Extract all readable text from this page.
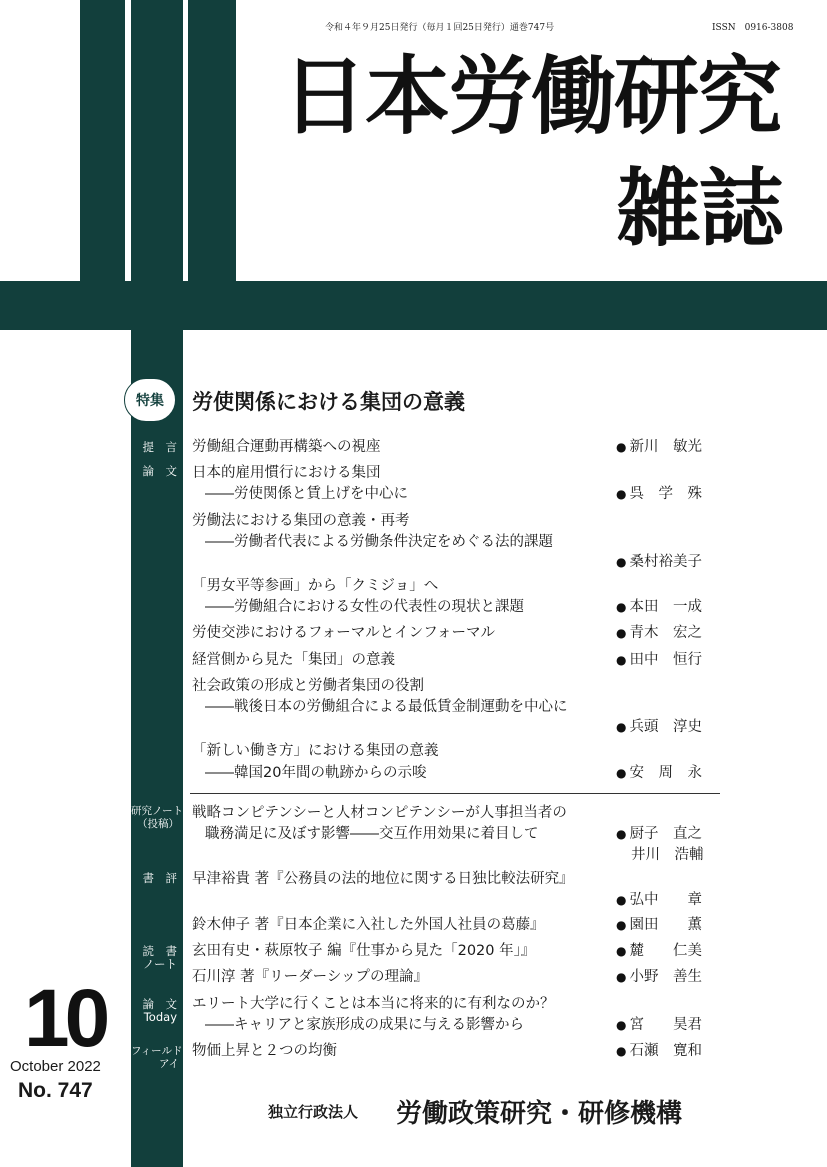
令和４年９月25日発行（毎月１回25日発行）通巻747号	ISSN　0916-3808
日本労働研究
雑誌
特集 労使関係における集団の意義
提　言
論　文
研究ノート
（投稿）
書　評
読　書
ノート
論　文
Today
フィールド・
アイ
労働組合運動再構築への視座
日本的雇用慣行における集団
――労使関係と賃上げを中心に
労働法における集団の意義・再考
――労働者代表による労働条件決定をめぐる法的課題
「男女平等参画」から「クミジョ」へ
――労働組合における女性の代表性の現状と課題
労使交渉におけるフォーマルとインフォーマル
経営側から見た「集団」の意義
社会政策の形成と労働者集団の役割
――戦後日本の労働組合による最低賃金制運動を中心に
「新しい働き方」における集団の意義
――韓国20年間の軌跡からの示唆
戦略コンピテンシーと人材コンピテンシーが人事担当者の
職務満足に及ぼす影響――交互作用効果に着目して
早津裕貴 著『公務員の法的地位に関する日独比較法研究』
鈴木伸子 著『日本企業に入社した外国人社員の葛藤』
玄田有史・萩原牧子 編『仕事から見た「2020 年」』
石川淳 著『リーダーシップの理論』
エリート大学に行くことは本当に将来的に有利なのか？
――キャリアと家族形成の成果に与える影響から
物価上昇と２つの均衡
● 新川　敏光
● 呉　学　殊
● 桑村裕美子
● 本田　一成
● 青木　宏之
● 田中　恒行
● 兵頭　淳史
● 安　周　永
● 厨子　直之
井川　浩輔
● 弘中　　章
● 園田　　薫
● 麓　　仁美
● 小野　善生
● 宮　　昊君
● 石瀬　寛和
10
October 2022
No. 747
独立行政法人 労働政策研究・研修機構
